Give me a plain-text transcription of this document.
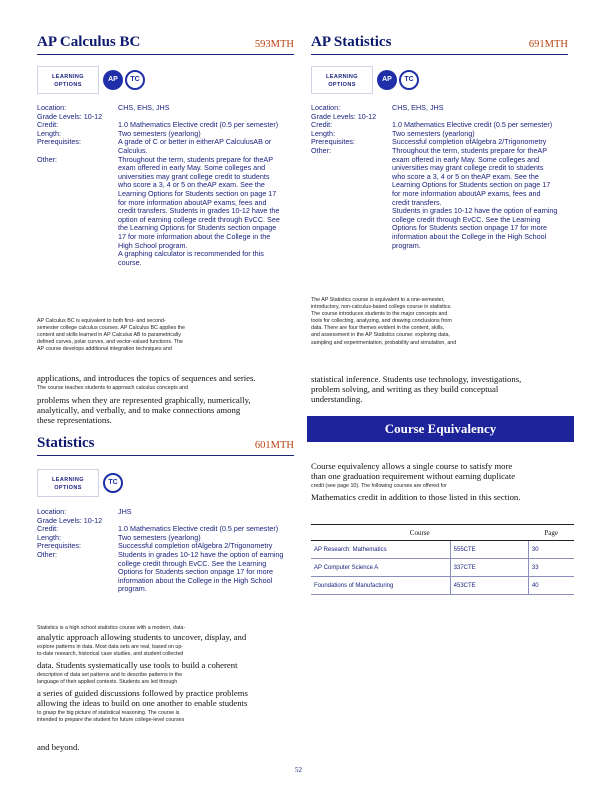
AP Calculus BC	593MTH
LEARNING
OPTIONS
AP	TC
Location:	CHS, EHS, JHS
Grade Levels: 10-12

Credit:	1.0 Mathematics Elective credit (0.5 per semester)
Length:	Two semesters (yearlong)
Prerequisites:	A grade of C or better in eitherAP CalculusAB or
Calculus.
Other:	Throughout the term, students prepare for theAP
exam offered in early May. Some colleges and
universities may grant college credit to students
who score a 3, 4 or 5 on theAP exam. See the
Learning Options for Students section on page 17
for more information aboutAP exams, fees and
credit transfers. Students in grades 10-12 have the
option of earning college credit through EvCC. See
the Learning Options for Students section onpage
17 for more information about the College in the
High School program.
A graphing calculator is recommended for this
course.
AP Calculus BC is equivalent to both first- and second-
semester college calculus courses. AP Calculus BC applies the
content and skills learned in AP Calculus AB to parametrically
defined curves, polar curves, and vector-valued functions. The
AP course develops additional integration techniques and
applications, and introduces the topics of sequences and series.
The course teaches students to approach calculus concepts and
problems when they are represented graphically, numerically,
analytically, and verbally, and to make connections among
these representations.
AP Statistics	691MTH
LEARNING
OPTIONS
AP	TC
Location:	CHS, EHS, JHS
Grade Levels: 10-12

Credit:	1.0 Mathematics Elective credit (0.5 per semester)
Length:	Two semesters (yearlong)
Prerequisites:	Successful completion ofAlgebra 2/Trigonometry
Other:	Throughout the term, students prepare for theAP
exam offered in early May. Some colleges and
universities may grant college credit to students
who score a 3, 4 or 5 on theAP exam. See the
Learning Options for Students section on page 17
for more information aboutAP exams, fees and
credit transfers.
Students in grades 10-12 have the option of earning
college credit through EvCC. See the Learning
Options for Students section onpage 17 for more
information about the College in the High School
program.
The AP Statistics course is equivalent to a one-semester,
introductory, non-calculus-based college course in statistics.
The course introduces students to the major concepts and
tools for collecting, analyzing, and drawing conclusions from
data. There are four themes evident in the content, skills,
and assessment in the AP Statistics course: exploring data,
sampling and experimentation, probability and simulation, and
statistical inference. Students use technology, investigations,
problem solving, and writing as they build conceptual
understanding.
Statistics	601MTH
LEARNING
OPTIONS
TC
Location:	JHS
Grade Levels: 10-12

Credit:	1.0 Mathematics Elective credit (0.5 per semester)
Length:	Two semesters (yearlong)
Prerequisites:	Successful completion ofAlgebra 2/Trigonometry
Other:	Students in grades 10-12 have the option of earning
college credit through EvCC. See the Learning
Options for Students section onpage 17 for more
information about the College in the High School
program.
Statistics is a high school statistics course with a modern, data-
analytic approach allowing students to uncover, display, and
explore patterns in data. Most data sets are real, based on up-
to-date research, historical case studies, and student collected
data. Students systematically use tools to build a coherent
description of data set patterns and to describe patterns in the
language of their applied contexts. Students are led through
a series of guided discussions followed by practice problems
allowing the ideas to build on one another to enable students
to grasp the big picture of statistical reasoning. The course is
intended to prepare the student for future college-level courses
and beyond.
Course Equivalency
Course equivalency allows a single course to satisfy more
than one graduation requirement without earning duplicate
credit (see page 10). The following courses are offered for
Mathematics credit in addition to those listed in this section.
Course		Page
AP Research: Mathematics	555CTE	30
AP Computer Science A	337CTE	33
Foundations of Manufacturing	453CTE	40
52
